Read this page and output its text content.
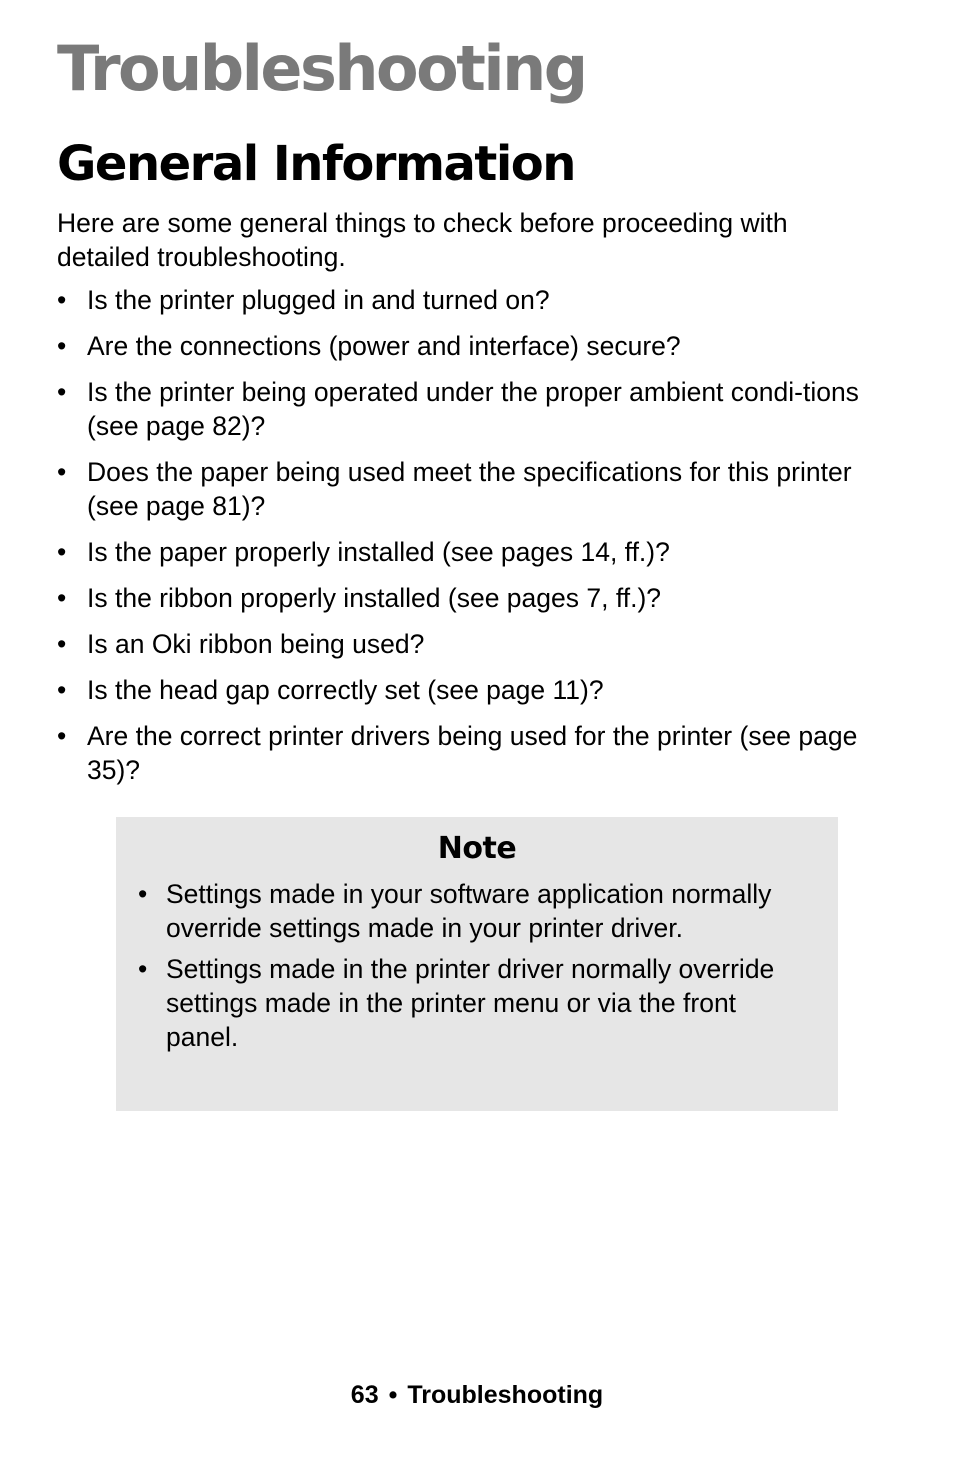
Troubleshooting
General Information

Here are some general things to check before proceeding with detailed troubleshooting.

• Is the printer plugged in and turned on?
• Are the connections (power and interface) secure?
• Is the printer being operated under the proper ambient condi-tions (see page 82)?
• Does the paper being used meet the specifications for this printer (see page 81)?
• Is the paper properly installed (see pages 14, ff.)?
• Is the ribbon properly installed (see pages 7, ff.)?
• Is an Oki ribbon being used?
• Is the head gap correctly set (see page 11)?
• Are the correct printer drivers being used for the printer (see page 35)?
Note
• Settings made in your software application normally override settings made in your printer driver.
• Settings made in the printer driver normally override settings made in the printer menu or via the front panel.
63 • Troubleshooting
